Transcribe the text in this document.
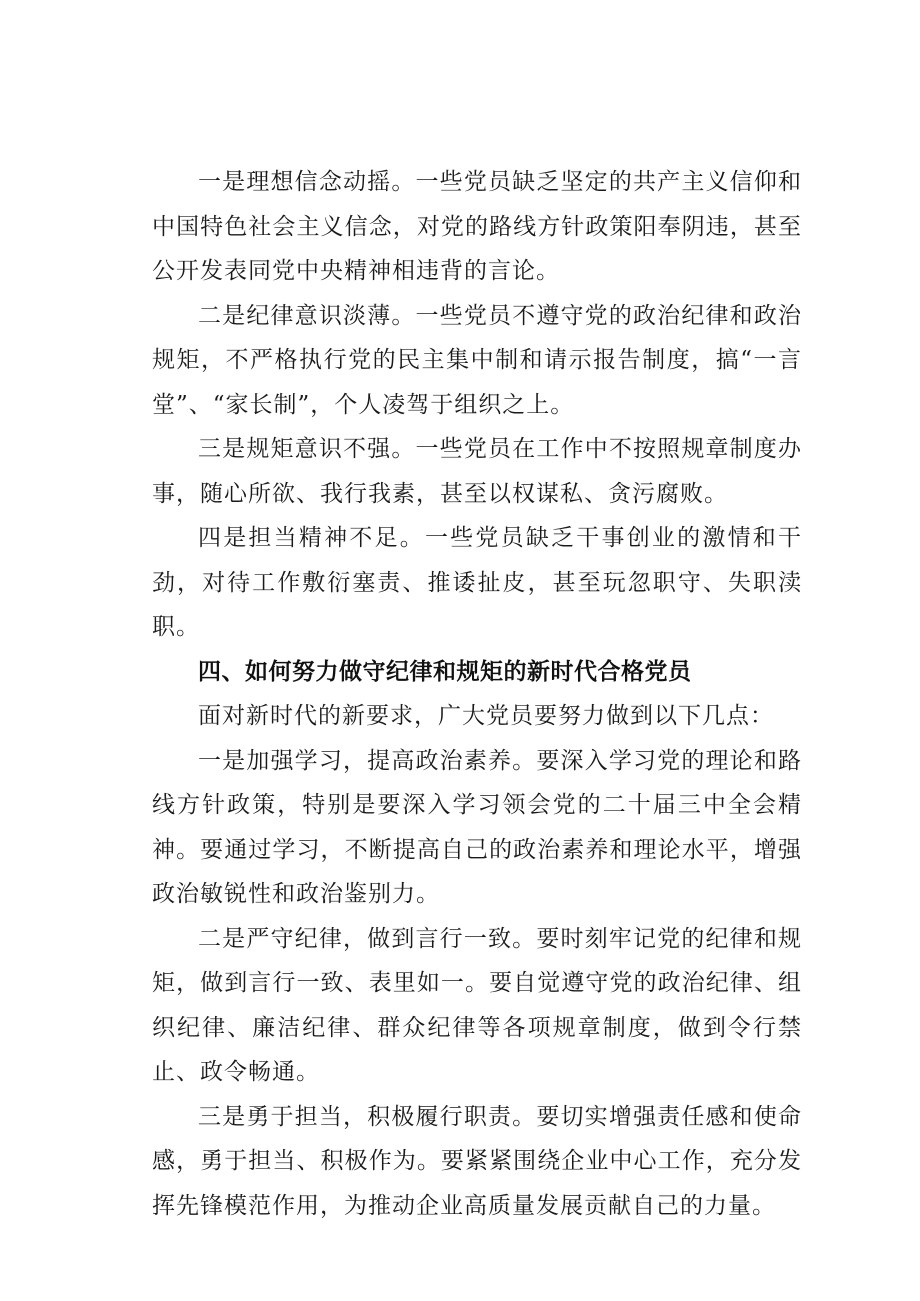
一是理想信念动摇。一些党员缺乏坚定的共产主义信仰和中国特色社会主义信念，对党的路线方针政策阳奉阴违，甚至公开发表同党中央精神相违背的言论。

二是纪律意识淡薄。一些党员不遵守党的政治纪律和政治规矩，不严格执行党的民主集中制和请示报告制度，搞“一言堂”、“家长制”，个人凌驾于组织之上。

三是规矩意识不强。一些党员在工作中不按照规章制度办事，随心所欲、我行我素，甚至以权谋私、贪污腐败。

四是担当精神不足。一些党员缺乏干事创业的激情和干劲，对待工作敷衍塞责、推诿扯皮，甚至玩忽职守、失职渎职。

四、如何努力做守纪律和规矩的新时代合格党员

面对新时代的新要求，广大党员要努力做到以下几点：

一是加强学习，提高政治素养。要深入学习党的理论和路线方针政策，特别是要深入学习领会党的二十届三中全会精神。要通过学习，不断提高自己的政治素养和理论水平，增强政治敏锐性和政治鉴别力。

二是严守纪律，做到言行一致。要时刻牢记党的纪律和规矩，做到言行一致、表里如一。要自觉遵守党的政治纪律、组织纪律、廉洁纪律、群众纪律等各项规章制度，做到令行禁止、政令畅通。

三是勇于担当，积极履行职责。要切实增强责任感和使命感，勇于担当、积极作为。要紧紧围绕企业中心工作，充分发挥先锋模范作用，为推动企业高质量发展贡献自己的力量。
